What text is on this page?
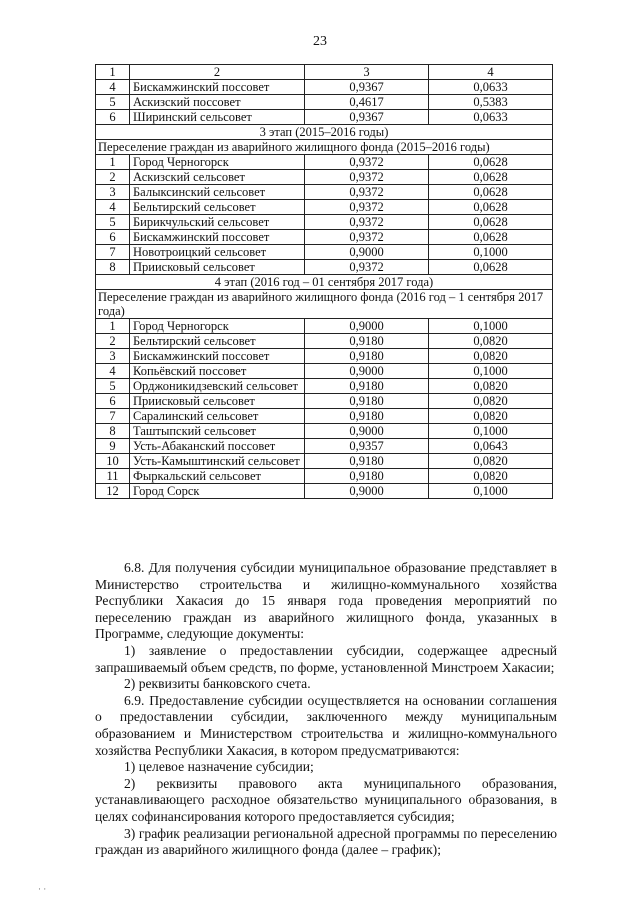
23
1	2	3	4
4	Бискамжинский поссовет	0,9367	0,0633
5	Аскизский поссовет	0,4617	0,5383
6	Ширинский сельсовет	0,9367	0,0633
3 этап (2015–2016 годы)			
Переселение граждан из аварийного жилищного фонда (2015–2016 годы)			
1	Город Черногорск	0,9372	0,0628
2	Аскизский сельсовет	0,9372	0,0628
3	Балыксинский сельсовет	0,9372	0,0628
4	Бельтирский сельсовет	0,9372	0,0628
5	Бирикчульский сельсовет	0,9372	0,0628
6	Бискамжинский поссовет	0,9372	0,0628
7	Новотроицкий сельсовет	0,9000	0,1000
8	Приисковый сельсовет	0,9372	0,0628
4 этап (2016 год – 01 сентября 2017 года)			
Переселение граждан из аварийного жилищного фонда (2016 год – 1 сентября 2017 года)			
1	Город Черногорск	0,9000	0,1000
2	Бельтирский сельсовет	0,9180	0,0820
3	Бискамжинский поссовет	0,9180	0,0820
4	Копьёвский поссовет	0,9000	0,1000
5	Орджоникидзевский сельсовет	0,9180	0,0820
6	Приисковый сельсовет	0,9180	0,0820
7	Саралинский сельсовет	0,9180	0,0820
8	Таштыпский сельсовет	0,9000	0,1000
9	Усть-Абаканский поссовет	0,9357	0,0643
10	Усть-Камыштинский сельсовет	0,9180	0,0820
11	Фыркальский сельсовет	0,9180	0,0820
12	Город Сорск	0,9000	0,1000

6.8. Для получения субсидии муниципальное образование представляет в Министерство строительства и жилищно-коммунального хозяйства Республики Хакасия до 15 января года проведения мероприятий по переселению граждан из аварийного жилищного фонда, указанных в Программе, следующие документы:

1) заявление о предоставлении субсидии, содержащее адресный запрашиваемый объем средств, по форме, установленной Минстроем Хакасии;

2) реквизиты банковского счета.

6.9. Предоставление субсидии осуществляется на основании соглашения о предоставлении субсидии, заключенного между муниципальным образованием и Министерством строительства и жилищно-коммунального хозяйства Республики Хакасия, в котором предусматриваются:

1) целевое назначение субсидии;

2) реквизиты правового акта муниципального образования, устанавливающего расходное обязательство муниципального образования, в целях софинансирования которого предоставляется субсидия;

3) график реализации региональной адресной программы по переселению граждан из аварийного жилищного фонда (далее – график);

· ·
